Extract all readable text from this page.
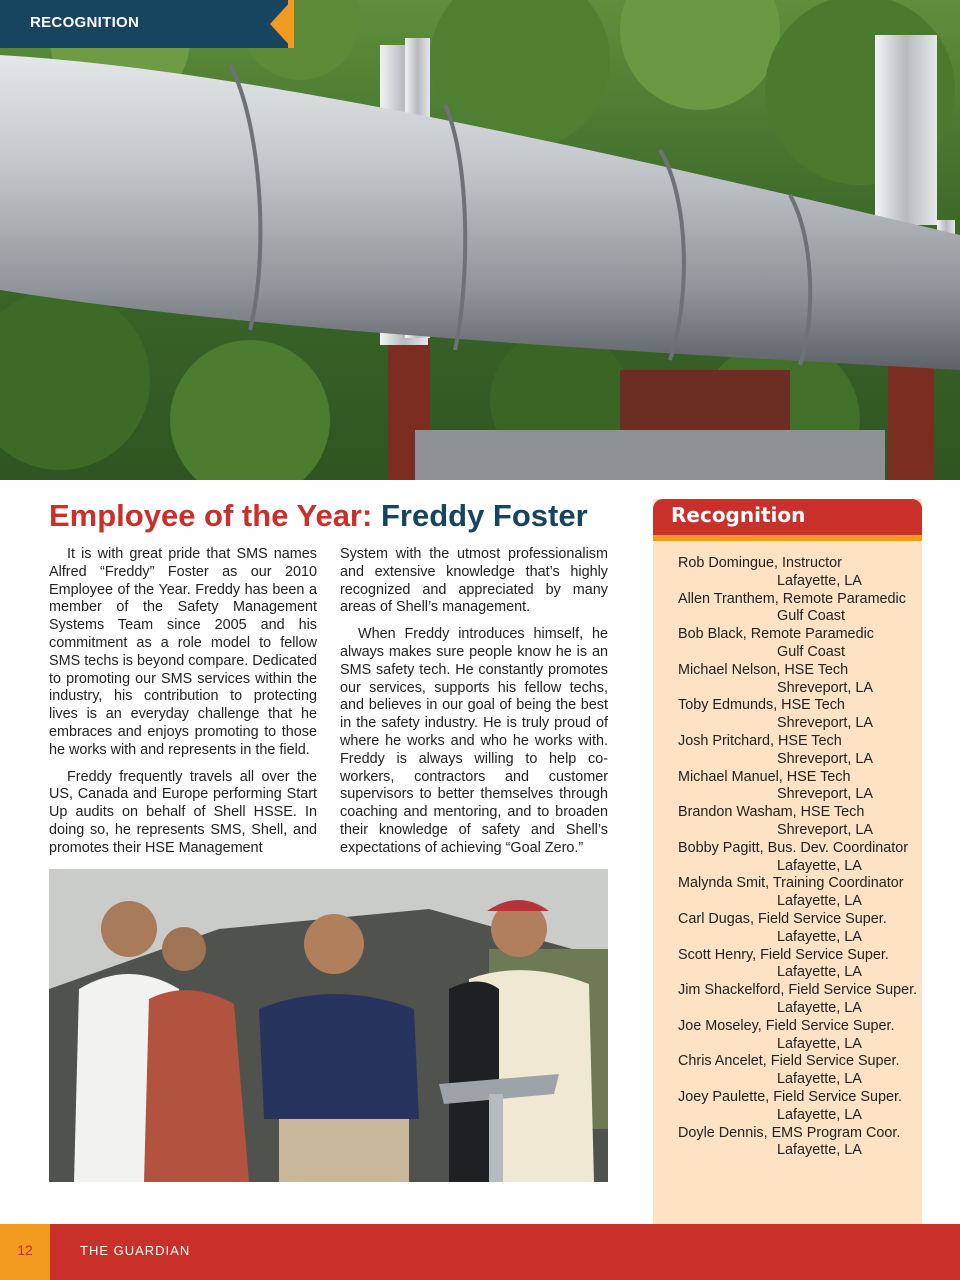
RECOGNITION
Employee of the Year: Freddy Foster

It is with great pride that SMS names Alfred “Freddy” Foster as our 2010 Employee of the Year. Freddy has been a member of the Safety Management Systems Team since 2005 and his commitment as a role model to fellow SMS techs is beyond compare. Dedicated to promoting our SMS services within the industry, his contribution to protecting lives is an everyday challenge that he embraces and enjoys promoting to those he works with and represents in the field.

Freddy frequently travels all over the US, Canada and Europe performing Start Up audits on behalf of Shell HSSE. In doing so, he represents SMS, Shell, and promotes their HSE Management

System with the utmost professionalism and extensive knowledge that’s highly recognized and appreciated by many areas of Shell’s management.

When Freddy introduces himself, he always makes sure people know he is an SMS safety tech. He constantly promotes our services, supports his fellow techs, and believes in our goal of being the best in the safety industry. He is truly proud of where he works and who he works with. Freddy is always willing to help co-workers, contractors and customer supervisors to better themselves through coaching and mentoring, and to broaden their knowledge of safety and Shell’s expectations of achieving “Goal Zero.”

Recognition
Rob Domingue, Instructor
Lafayette, LA
Allen Tranthem, Remote Paramedic
Gulf Coast
Bob Black, Remote Paramedic
Gulf Coast
Michael Nelson, HSE Tech
Shreveport, LA
Toby Edmunds, HSE Tech
Shreveport, LA
Josh Pritchard, HSE Tech
Shreveport, LA
Michael Manuel, HSE Tech
Shreveport, LA
Brandon Washam, HSE Tech
Shreveport, LA
Bobby Pagitt, Bus. Dev. Coordinator
Lafayette, LA
Malynda Smit, Training Coordinator
Lafayette, LA
Carl Dugas, Field Service Super.
Lafayette, LA
Scott Henry, Field Service Super.
Lafayette, LA
Jim Shackelford, Field Service Super.
Lafayette, LA
Joe Moseley, Field Service Super.
Lafayette, LA
Chris Ancelet, Field Service Super.
Lafayette, LA
Joey Paulette, Field Service Super.
Lafayette, LA
Doyle Dennis, EMS Program Coor.
Lafayette, LA
12	THE GUARDIAN
